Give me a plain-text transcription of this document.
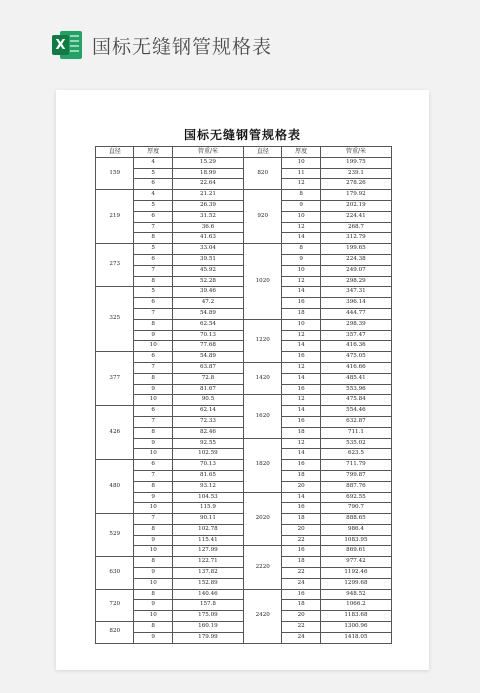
X 国标无缝钢管规格表
国标无缝钢管规格表
直径	厚度	管重/米	直径	厚度	管重/米
159	4	15.29	820	10	199.75
	5	18.99		11	239.1
	6	22.64		12	278.26
219	4	21.21	920	8	179.92
	5	26.39		9	202.19
	6	31.52		10	224.41
	7	36.6		12	268.7
	8	41.63		14	312.79
273	5	33.04	1020	8	199.65
	6	39.51		9	224.38
	7	45.92		10	249.07
	8	52.28		12	298.29
325	5	39.46		14	347.31
	6	47.2		16	396.14
	7	54.89		18	444.77
	8	62.54	1220	10	298.39
	9	70.13		12	357.47
	10	77.68		14	416.36
377	6	54.89		16	475.05
	7	63.87	1420	12	416.66
	8	72.8		14	485.41
	9	81.67		16	553.96
	10	90.5	1620	12	475.84
426	6	62.14		14	554.46
	7	72.33		16	632.87
	8	82.46		18	711.1
	9	92.55	1820	12	535.02
	10	102.59		14	623.5
480	6	70.13		16	711.79
	7	81.65		18	799.87
	8	93.12		20	887.76
	9	104.53	2020	14	692.55
	10	115.9		16	790.7
529	7	90.11		18	888.65
	8	102.78		20	986.4
	9	115.41		22	1083.95
	10	127.99	2220	16	869.61
630	8	122.71		18	977.42
	9	137.82		22	1192.46
	10	152.89		24	1299.68
720	8	140.46	2420	16	948.52
	9	157.8		18	1066.2
	10	175.09		20	1183.68
820	8	160.19		22	1300.96
	9	179.99		24	1418.05
